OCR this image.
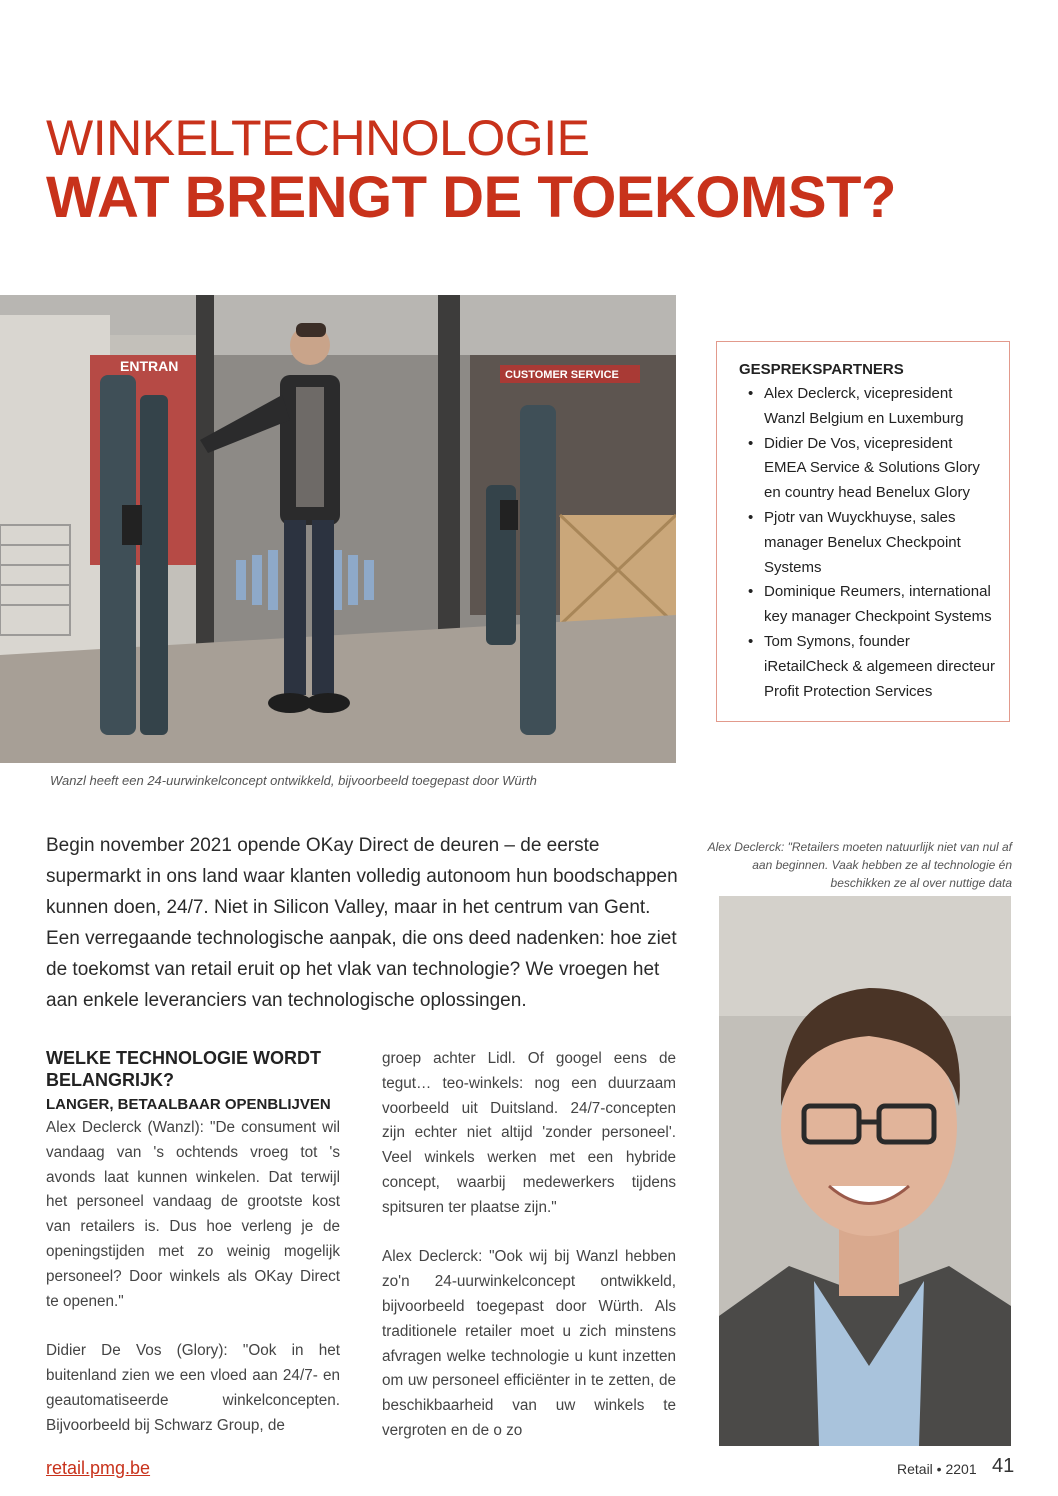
WINKELTECHNOLOGIE
WAT BRENGT DE TOEKOMST?
ENTRAN
CUSTOMER SERVICE
Wanzl heeft een 24-uurwinkelconcept ontwikkeld, bijvoorbeeld toegepast door Würth
GESPREKSPARTNERS
• Alex Declerck, vicepresident Wanzl Belgium en Luxemburg
• Didier De Vos, vicepresident EMEA Service & Solutions Glory en country head Benelux Glory
• Pjotr van Wuyckhuyse, sales manager Benelux Checkpoint Systems
• Dominique Reumers, international key manager Checkpoint Systems
• Tom Symons, founder iRetailCheck & algemeen directeur Profit Protection Services
Begin november 2021 opende OKay Direct de deuren – de eerste supermarkt in ons land waar klanten volledig autonoom hun boodschappen kunnen doen, 24/7. Niet in Silicon Valley, maar in het centrum van Gent. Een verregaande technologische aanpak, die ons deed nadenken: hoe ziet de toekomst van retail eruit op het vlak van technologie? We vroegen het aan enkele leveranciers van technologische oplossingen.
WELKE TECHNOLOGIE WORDT BELANGRIJK?
LANGER, BETAALBAAR OPENBLIJVEN

Alex Declerck (Wanzl): "De consument wil vandaag van 's ochtends vroeg tot 's avonds laat kunnen winkelen. Dat terwijl het personeel vandaag de grootste kost van retailers is. Dus hoe verleng je de openingstijden met zo weinig mogelijk personeel? Door winkels als OKay Direct te openen."

Didier De Vos (Glory): "Ook in het buitenland zien we een vloed aan 24/7- en geautomatiseerde winkelconcepten. Bijvoorbeeld bij Schwarz Group, de

groep achter Lidl. Of googel eens de tegut… teo-winkels: nog een duurzaam voorbeeld uit Duitsland. 24/7-concepten zijn echter niet altijd 'zonder personeel'. Veel winkels werken met een hybride concept, waarbij medewerkers tijdens spitsuren ter plaatse zijn."

Alex Declerck: "Ook wij bij Wanzl hebben zo'n 24-uurwinkelconcept ontwikkeld, bijvoorbeeld toegepast door Würth. Als traditionele retailer moet u zich minstens afvragen welke technologie u kunt inzetten om uw personeel efficiënter in te zetten, de beschikbaarheid van uw winkels te vergroten en de o zo

Alex Declerck: "Retailers moeten natuurlijk niet van nul af aan beginnen. Vaak hebben ze al technologie én beschikken ze al over nuttige data
retail.pmg.be	Retail • 2201 41
